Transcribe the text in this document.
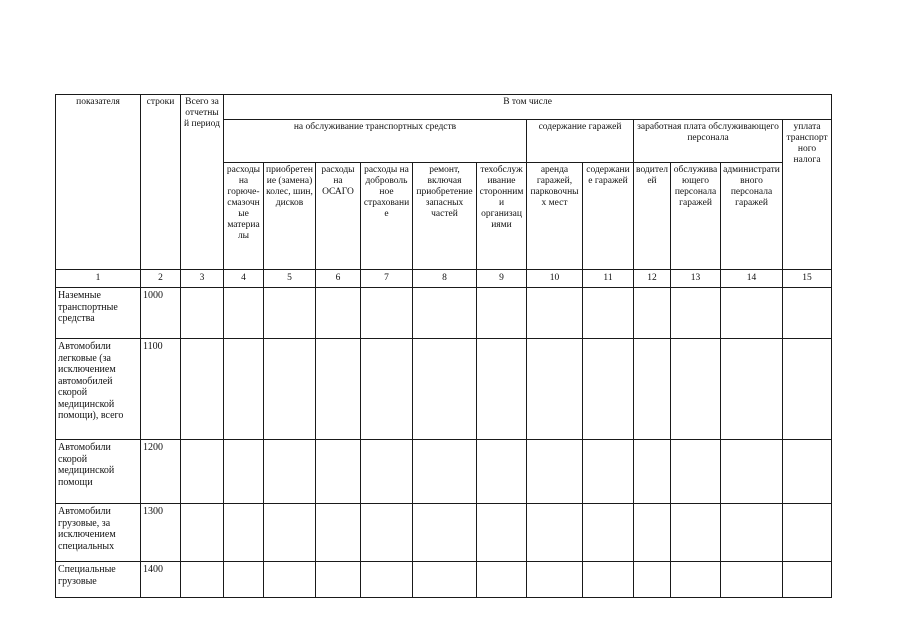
показателя	строки	Всего за отчетный период	В том числе											
			на обслуживание транспортных средств						содержание гаражей		заработная плата обслуживающего персонала			уплата транспортного налога
			расходы на горюче-смазочные материалы	приобретение (замена) колес, шин, дисков	расходы на ОСАГО	расходы на добровольное страхование	ремонт, включая приобретение запасных частей	техобслуживание сторонними организациями	аренда гаражей, парковочных мест	содержание гаражей	водителей	обслуживающего персонала гаражей	административного персонала гаражей	
1	2	3	4	5	6	7	8	9	10	11	12	13	14	15
Наземные транспортные средства	1000													
Автомобили легковые (за исключением автомобилей скорой медицинской помощи), всего	1100													
Автомобили скорой медицинской помощи	1200													
Автомобили грузовые, за исключением специальных	1300													
Специальные грузовые	1400													
